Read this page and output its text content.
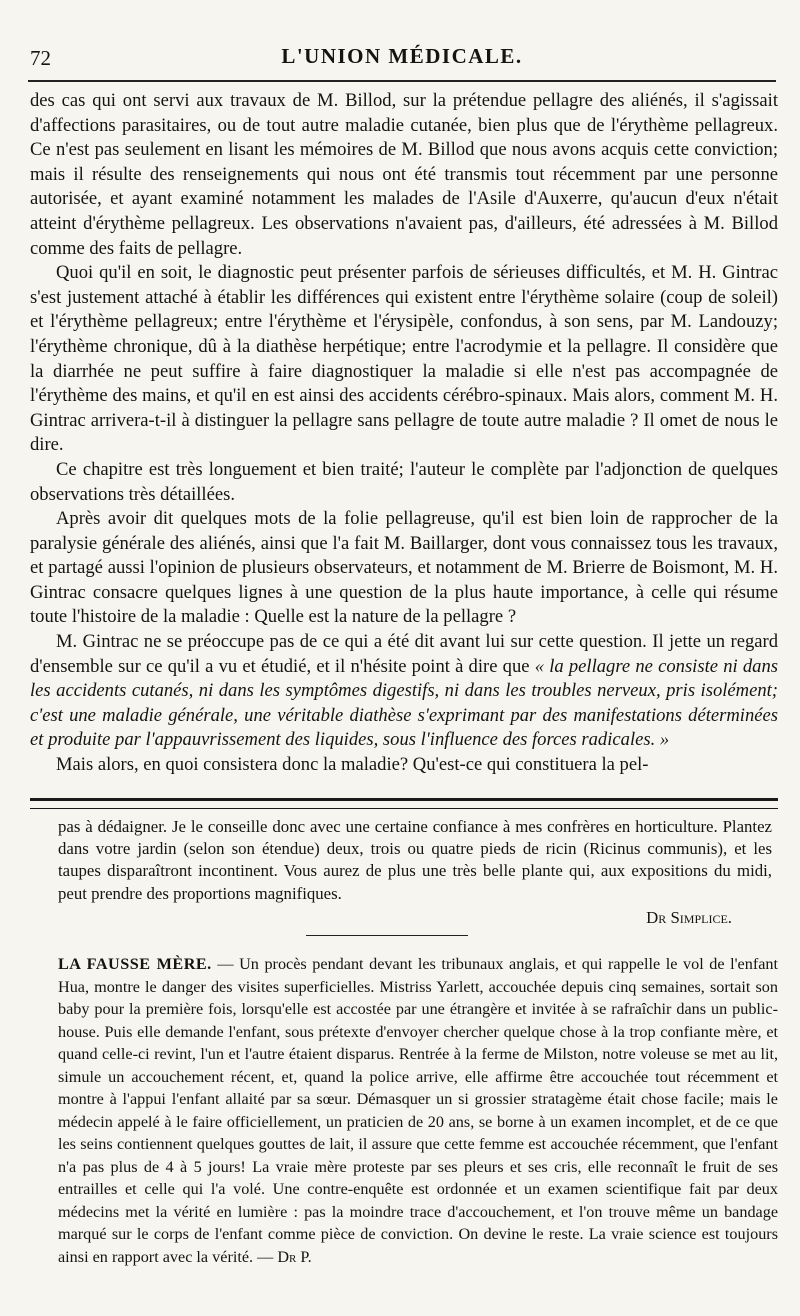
72	L'UNION MÉDICALE.

des cas qui ont servi aux travaux de M. Billod, sur la prétendue pellagre des aliénés, il s'agissait d'affections parasitaires, ou de tout autre maladie cutanée, bien plus que de l'érythème pellagreux. Ce n'est pas seulement en lisant les mémoires de M. Billod que nous avons acquis cette conviction; mais il résulte des renseignements qui nous ont été transmis tout récemment par une personne autorisée, et ayant examiné notamment les malades de l'Asile d'Auxerre, qu'aucun d'eux n'était atteint d'érythème pellagreux. Les observations n'avaient pas, d'ailleurs, été adressées à M. Billod comme des faits de pellagre.

Quoi qu'il en soit, le diagnostic peut présenter parfois de sérieuses difficultés, et M. H. Gintrac s'est justement attaché à établir les différences qui existent entre l'érythème solaire (coup de soleil) et l'érythème pellagreux; entre l'érythème et l'érysipèle, confondus, à son sens, par M. Landouzy; l'érythème chronique, dû à la diathèse herpétique; entre l'acrodymie et la pellagre. Il considère que la diarrhée ne peut suffire à faire diagnostiquer la maladie si elle n'est pas accompagnée de l'érythème des mains, et qu'il en est ainsi des accidents cérébro-spinaux. Mais alors, comment M. H. Gintrac arrivera-t-il à distinguer la pellagre sans pellagre de toute autre maladie ? Il omet de nous le dire.

Ce chapitre est très longuement et bien traité; l'auteur le complète par l'adjonction de quelques observations très détaillées.

Après avoir dit quelques mots de la folie pellagreuse, qu'il est bien loin de rapprocher de la paralysie générale des aliénés, ainsi que l'a fait M. Baillarger, dont vous connaissez tous les travaux, et partagé aussi l'opinion de plusieurs observateurs, et notamment de M. Brierre de Boismont, M. H. Gintrac consacre quelques lignes à une question de la plus haute importance, à celle qui résume toute l'histoire de la maladie : Quelle est la nature de la pellagre ?

M. Gintrac ne se préoccupe pas de ce qui a été dit avant lui sur cette question. Il jette un regard d'ensemble sur ce qu'il a vu et étudié, et il n'hésite point à dire que « la pellagre ne consiste ni dans les accidents cutanés, ni dans les symptômes digestifs, ni dans les troubles nerveux, pris isolément; c'est une maladie générale, une véritable diathèse s'exprimant par des manifestations déterminées et produite par l'appauvrissement des liquides, sous l'influence des forces radicales. »

Mais alors, en quoi consistera donc la maladie? Qu'est-ce qui constituera la pel-

pas à dédaigner. Je le conseille donc avec une certaine confiance à mes confrères en horticulture. Plantez dans votre jardin (selon son étendue) deux, trois ou quatre pieds de ricin (Ricinus communis), et les taupes disparaîtront incontinent. Vous aurez de plus une très belle plante qui, aux expositions du midi, peut prendre des proportions magnifiques.

Dr Simplice.

LA FAUSSE MÈRE. — Un procès pendant devant les tribunaux anglais, et qui rappelle le vol de l'enfant Hua, montre le danger des visites superficielles. Mistriss Yarlett, accouchée depuis cinq semaines, sortait son baby pour la première fois, lorsqu'elle est accostée par une étrangère et invitée à se rafraîchir dans un public-house. Puis elle demande l'enfant, sous prétexte d'envoyer chercher quelque chose à la trop confiante mère, et quand celle-ci revint, l'un et l'autre étaient disparus. Rentrée à la ferme de Milston, notre voleuse se met au lit, simule un accouchement récent, et, quand la police arrive, elle affirme être accouchée tout récemment et montre à l'appui l'enfant allaité par sa sœur. Démasquer un si grossier stratagème était chose facile; mais le médecin appelé à le faire officiellement, un praticien de 20 ans, se borne à un examen incomplet, et de ce que les seins contiennent quelques gouttes de lait, il assure que cette femme est accouchée récemment, que l'enfant n'a pas plus de 4 à 5 jours! La vraie mère proteste par ses pleurs et ses cris, elle reconnaît le fruit de ses entrailles et celle qui l'a volé. Une contre-enquête est ordonnée et un examen scientifique fait par deux médecins met la vérité en lumière : pas la moindre trace d'accouchement, et l'on trouve même un bandage marqué sur le corps de l'enfant comme pièce de conviction. On devine le reste. La vraie science est toujours ainsi en rapport avec la vérité. — Dr P.
